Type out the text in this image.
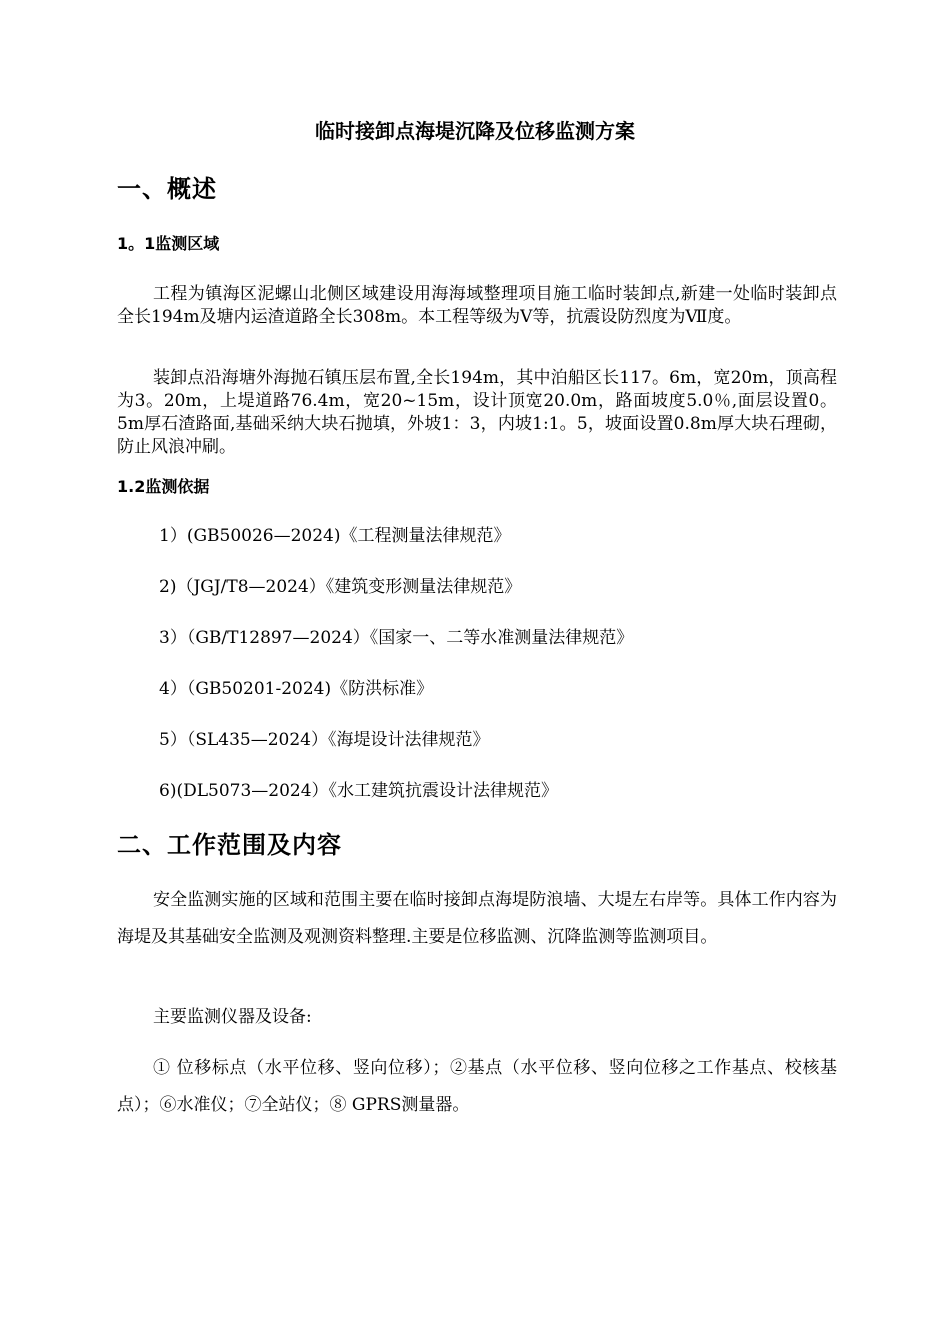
临时接卸点海堤沉降及位移监测方案
一、概述
1。1监测区域
工程为镇海区泥螺山北侧区域建设用海海域整理项目施工临时装卸点,新建一处临时装卸点全长194m及塘内运渣道路全长308m。本工程等级为Ⅴ等，抗震设防烈度为Ⅶ度。
装卸点沿海塘外海抛石镇压层布置,全长194m，其中泊船区长117。6m，宽20m，顶高程为3。20m，上堤道路76.4m，宽20~15m，设计顶宽20.0m，路面坡度5.0％,面层设置0。5m厚石渣路面,基础采纳大块石抛填，外坡1：3，内坡1:1。5，坡面设置0.8m厚大块石理砌，防止风浪冲刷。
1.2监测依据
1）(GB50026—2024)《工程测量法律规范》
2)（JGJ/T8—2024）《建筑变形测量法律规范》
3）（GB/T12897—2024）《国家一、二等水准测量法律规范》
4）（GB50201-2024)《防洪标准》
5）（SL435—2024）《海堤设计法律规范》
6)(DL5073—2024）《水工建筑抗震设计法律规范》
二、工作范围及内容
安全监测实施的区域和范围主要在临时接卸点海堤防浪墙、大堤左右岸等。具体工作内容为海堤及其基础安全监测及观测资料整理.主要是位移监测、沉降监测等监测项目。
主要监测仪器及设备:
① 位移标点（水平位移、竖向位移）；②基点（水平位移、竖向位移之工作基点、校核基点）；⑥水准仪；⑦全站仪；⑧ GPRS测量器。
